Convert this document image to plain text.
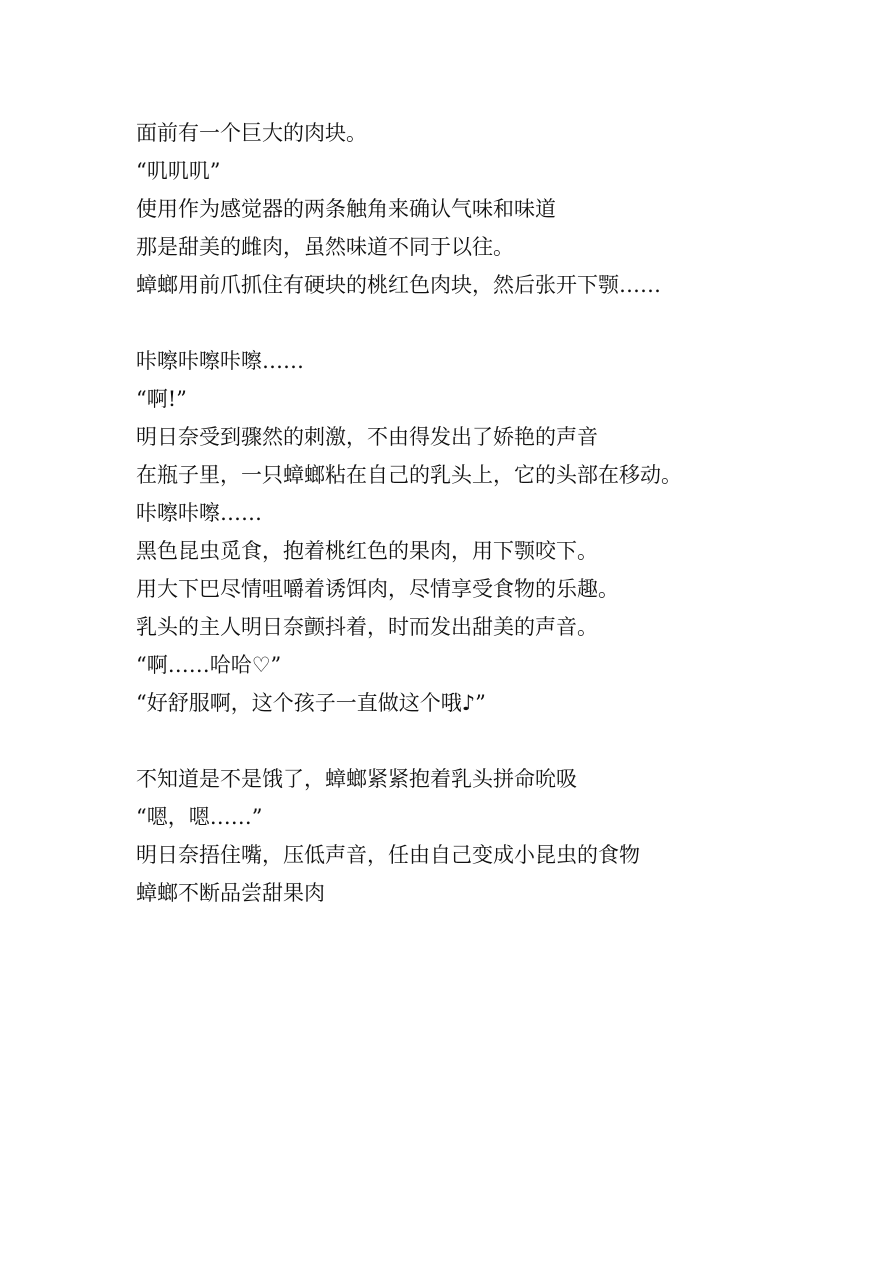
面前有一个巨大的肉块。

“叽叽叽”

使用作为感觉器的两条触角来确认气味和味道

那是甜美的雌肉，虽然味道不同于以往。

蟑螂用前爪抓住有硬块的桃红色肉块，然后张开下颚……

咔嚓咔嚓咔嚓……

“啊!”

明日奈受到骤然的刺激，不由得发出了娇艳的声音

在瓶子里，一只蟑螂粘在自己的乳头上，它的头部在移动。

咔嚓咔嚓……

黑色昆虫觅食，抱着桃红色的果肉，用下颚咬下。

用大下巴尽情咀嚼着诱饵肉，尽情享受食物的乐趣。

乳头的主人明日奈颤抖着，时而发出甜美的声音。

“啊……哈哈♡”

“好舒服啊，这个孩子一直做这个哦♪”

不知道是不是饿了，蟑螂紧紧抱着乳头拼命吮吸

“嗯，嗯……”

明日奈捂住嘴，压低声音，任由自己变成小昆虫的食物

蟑螂不断品尝甜果肉
